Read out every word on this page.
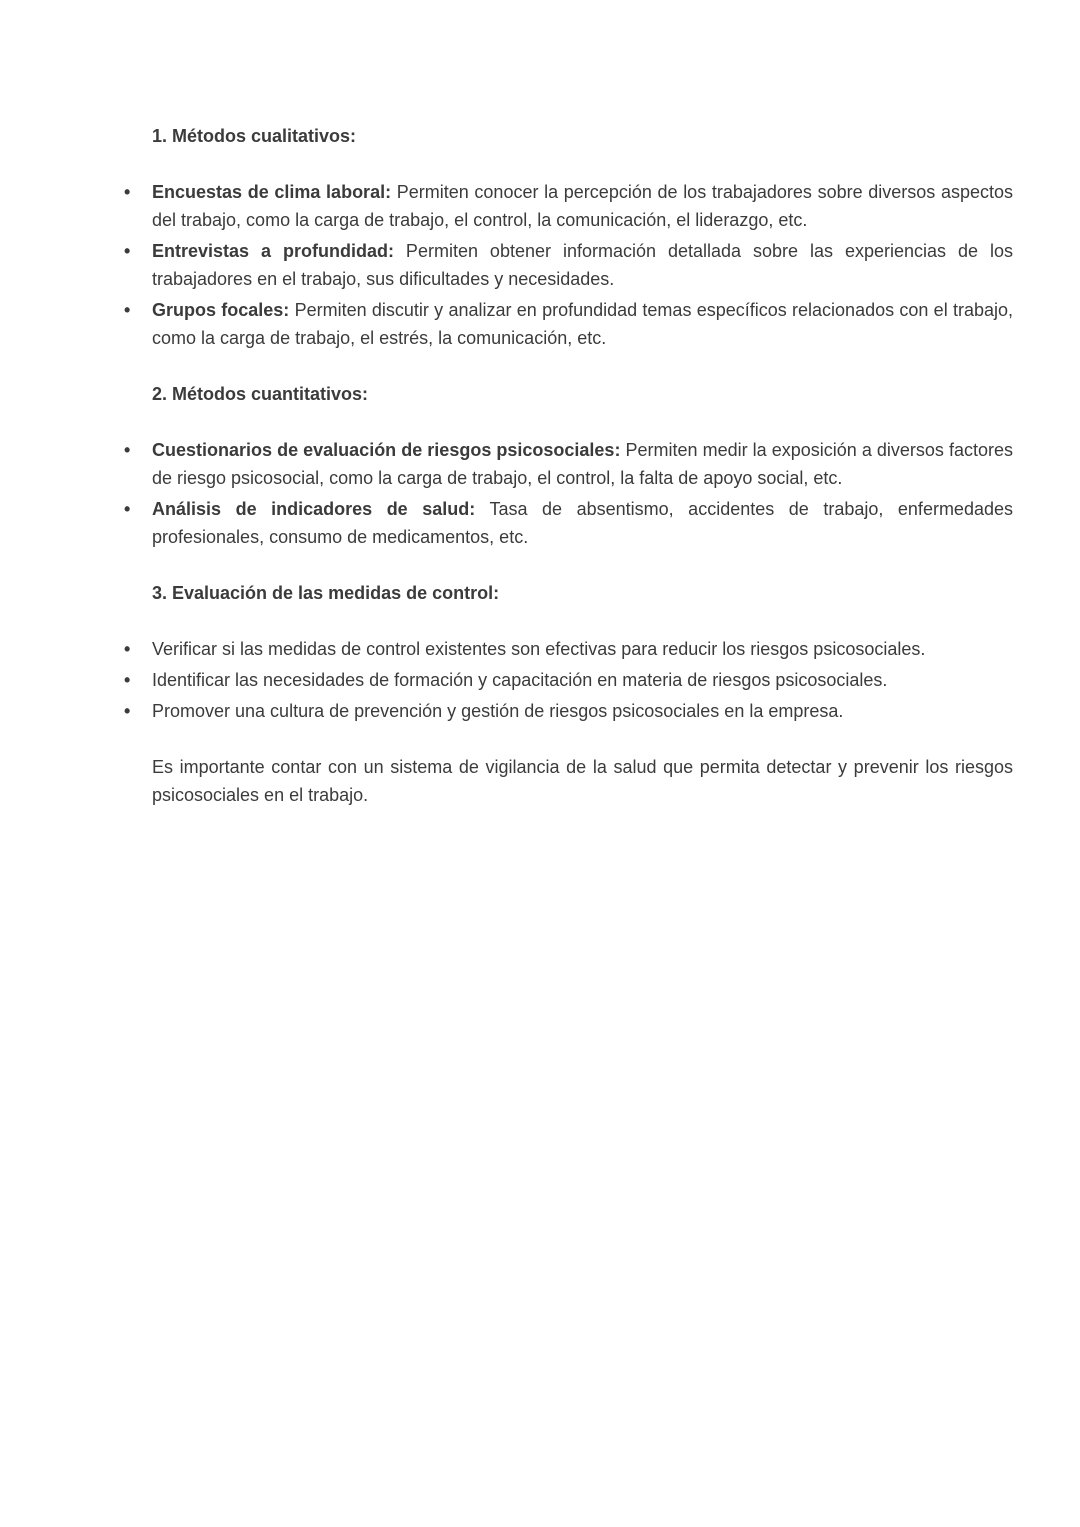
1. Métodos cualitativos:
• Encuestas de clima laboral: Permiten conocer la percepción de los trabajadores sobre diversos aspectos del trabajo, como la carga de trabajo, el control, la comunicación, el liderazgo, etc.
• Entrevistas a profundidad: Permiten obtener información detallada sobre las experiencias de los trabajadores en el trabajo, sus dificultades y necesidades.
• Grupos focales: Permiten discutir y analizar en profundidad temas específicos relacionados con el trabajo, como la carga de trabajo, el estrés, la comunicación, etc.
2. Métodos cuantitativos:
• Cuestionarios de evaluación de riesgos psicosociales: Permiten medir la exposición a diversos factores de riesgo psicosocial, como la carga de trabajo, el control, la falta de apoyo social, etc.
• Análisis de indicadores de salud: Tasa de absentismo, accidentes de trabajo, enfermedades profesionales, consumo de medicamentos, etc.
3. Evaluación de las medidas de control:
• Verificar si las medidas de control existentes son efectivas para reducir los riesgos psicosociales.
• Identificar las necesidades de formación y capacitación en materia de riesgos psicosociales.
• Promover una cultura de prevención y gestión de riesgos psicosociales en la empresa.

Es importante contar con un sistema de vigilancia de la salud que permita detectar y prevenir los riesgos psicosociales en el trabajo.
